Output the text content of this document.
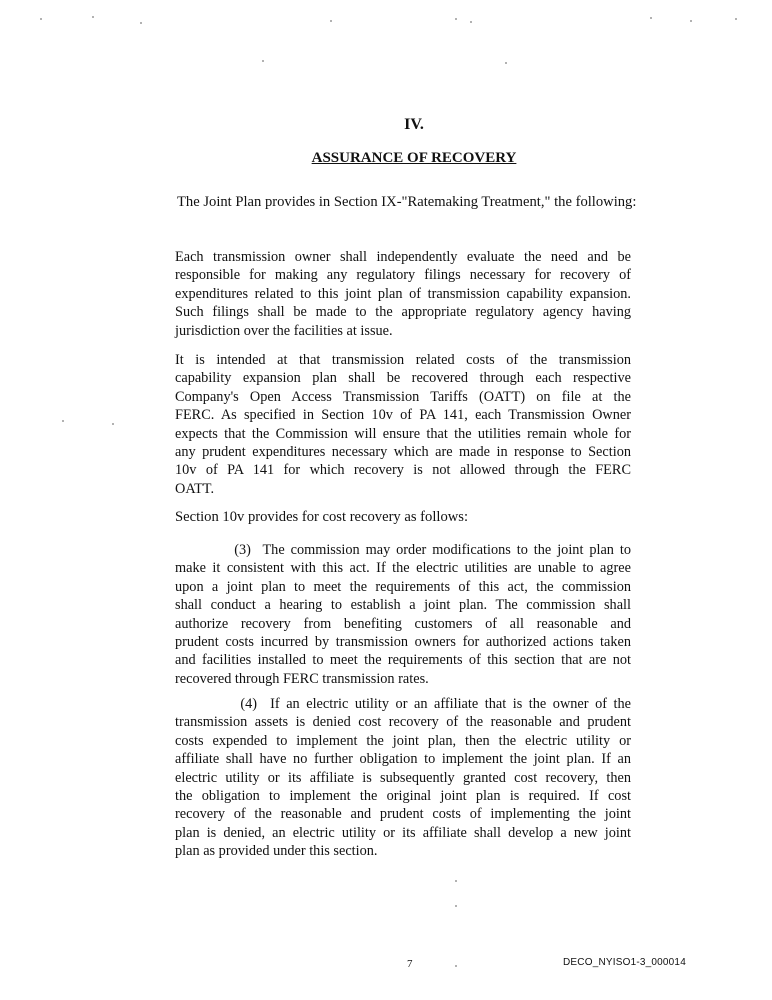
IV.
ASSURANCE OF RECOVERY
The Joint Plan provides in Section IX-"Ratemaking Treatment," the following:
Each transmission owner shall independently evaluate the need and be
responsible for making any regulatory filings necessary for recovery of
expenditures related to this joint plan of transmission capability expansion.
Such filings shall be made to the appropriate regulatory agency having
jurisdiction over the facilities at issue.
It is intended at that transmission related costs of the transmission
capability expansion plan shall be recovered through each respective
Company's Open Access Transmission Tariffs (OATT) on file at the
FERC. As specified in Section 10v of PA 141, each Transmission Owner
expects that the Commission will ensure that the utilities remain whole for
any prudent expenditures necessary which are made in response to Section
10v of PA 141 for which recovery is not allowed through the FERC
OATT.
Section 10v provides for cost recovery as follows:
(3)  The commission may order modifications to the joint plan to
make it consistent with this act. If the electric utilities are unable to agree
upon a joint plan to meet the requirements of this act, the commission
shall conduct a hearing to establish a joint plan. The commission shall
authorize recovery from benefiting customers of all reasonable and
prudent costs incurred by transmission owners for authorized actions taken
and facilities installed to meet the requirements of this section that are not
recovered through FERC transmission rates.
(4)  If an electric utility or an affiliate that is the owner of the
transmission assets is denied cost recovery of the reasonable and prudent
costs expended to implement the joint plan, then the electric utility or
affiliate shall have no further obligation to implement the joint plan. If an
electric utility or its affiliate is subsequently granted cost recovery, then
the obligation to implement the original joint plan is required. If cost
recovery of the reasonable and prudent costs of implementing the joint
plan is denied, an electric utility or its affiliate shall develop a new joint
plan as provided under this section.
7	DECO_NYISO1-3_000014
